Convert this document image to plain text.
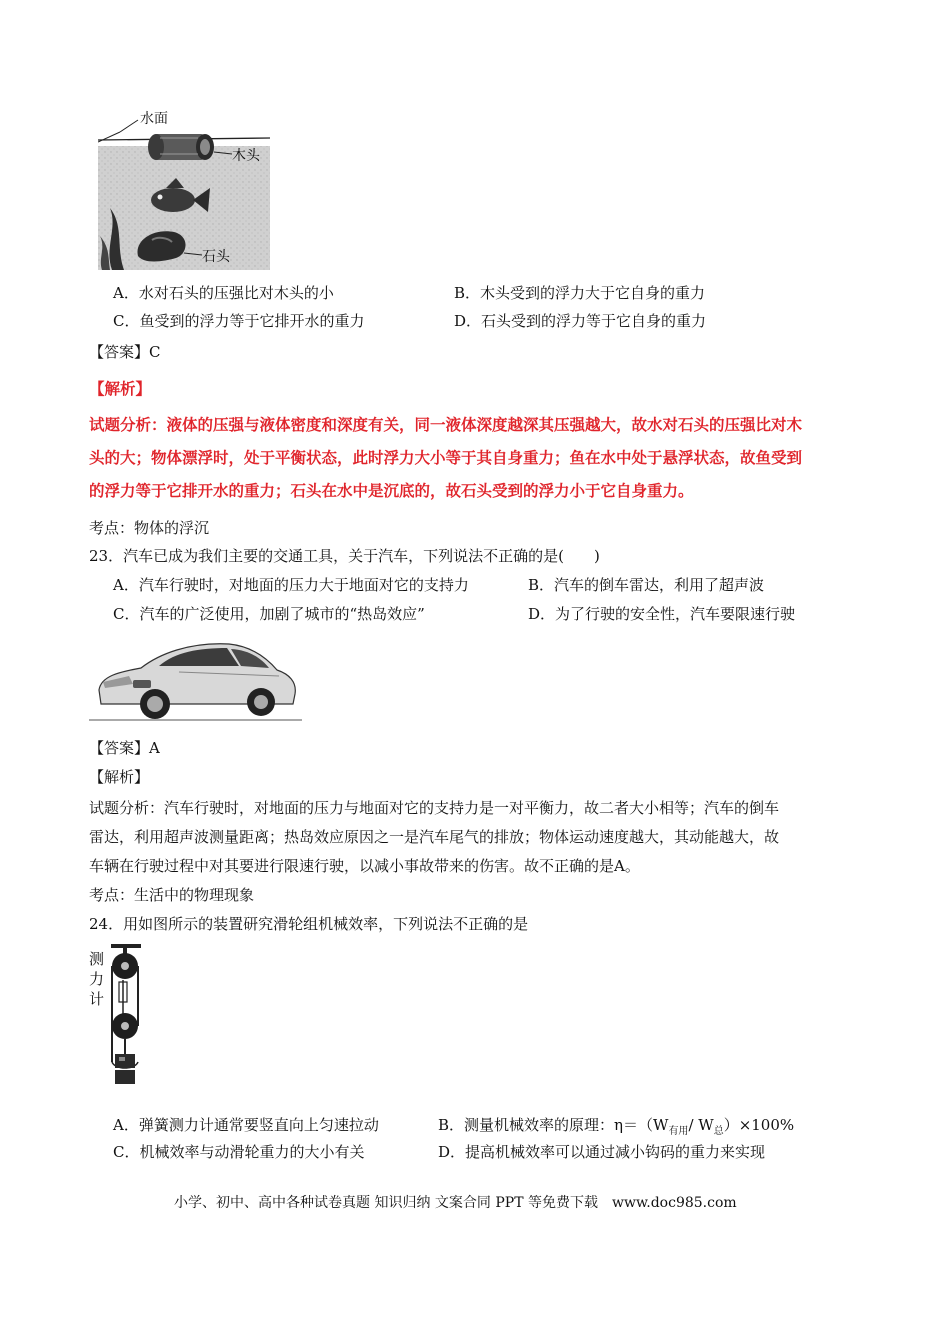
水面
木头
石头
A．水对石头的压强比对木头的小	B．木头受到的浮力大于它自身的重力
C．鱼受到的浮力等于它排开水的重力	D．石头受到的浮力等于它自身的重力
【答案】C
【解析】
试题分析：液体的压强与液体密度和深度有关，同一液体深度越深其压强越大，故水对石头的压强比对木
头的大；物体漂浮时，处于平衡状态，此时浮力大小等于其自身重力；鱼在水中处于悬浮状态，故鱼受到
的浮力等于它排开水的重力；石头在水中是沉底的，故石头受到的浮力小于它自身重力。
考点：物体的浮沉
23．汽车已成为我们主要的交通工具，关于汽车，下列说法不正确的是(　　)
A．汽车行驶时，对地面的压力大于地面对它的支持力	B．汽车的倒车雷达，利用了超声波
C．汽车的广泛使用，加剧了城市的“热岛效应”	D．为了行驶的安全性，汽车要限速行驶
【答案】A
【解析】
试题分析：汽车行驶时，对地面的压力与地面对它的支持力是一对平衡力，故二者大小相等；汽车的倒车
雷达，利用超声波测量距离；热岛效应原因之一是汽车尾气的排放；物体运动速度越大，其动能越大，故
车辆在行驶过程中对其要进行限速行驶，以减小事故带来的伤害。故不正确的是A。
考点：生活中的物理现象
24．用如图所示的装置研究滑轮组机械效率，下列说法不正确的是
测
力
计
A．弹簧测力计通常要竖直向上匀速拉动	B．测量机械效率的原理：$\eta=(W_{有用}/$ $W_总)\times 100\%$
C．机械效率与动滑轮重力的大小有关	D．提高机械效率可以通过减小钩码的重力来实现
小学、初中、高中各种试卷真题 知识归纳 文案合同 PPT 等免费下载　www.doc985.com
